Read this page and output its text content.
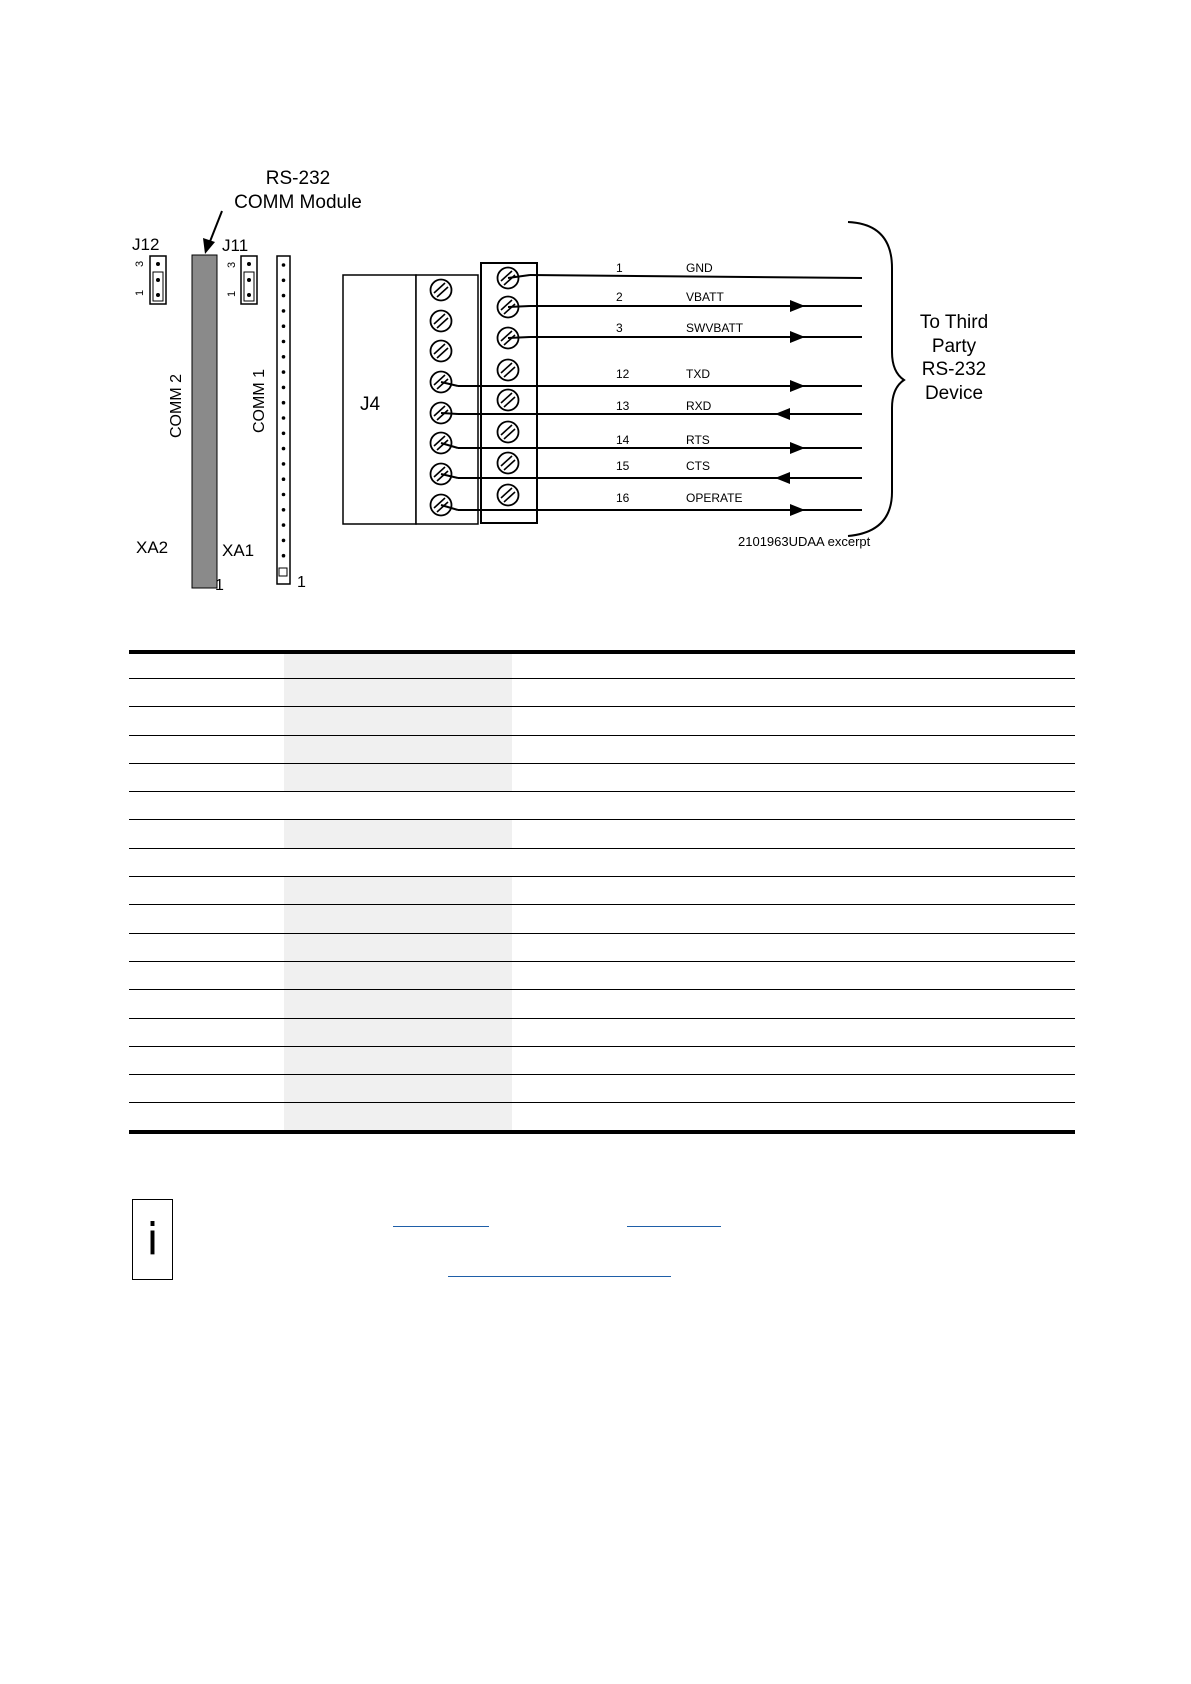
RS-232
COMM Module
J12
3
1
COMM 2
XA2	XA1
1
J11
3
1
COMM 1
1
J4
1	GND
2	VBATT
3	SWVBATT
12	TXD
13	RXD
14	RTS
15	CTS
16	OPERATE
To Third
Party
RS-232
Device
2101963UDAA excerpt
i
